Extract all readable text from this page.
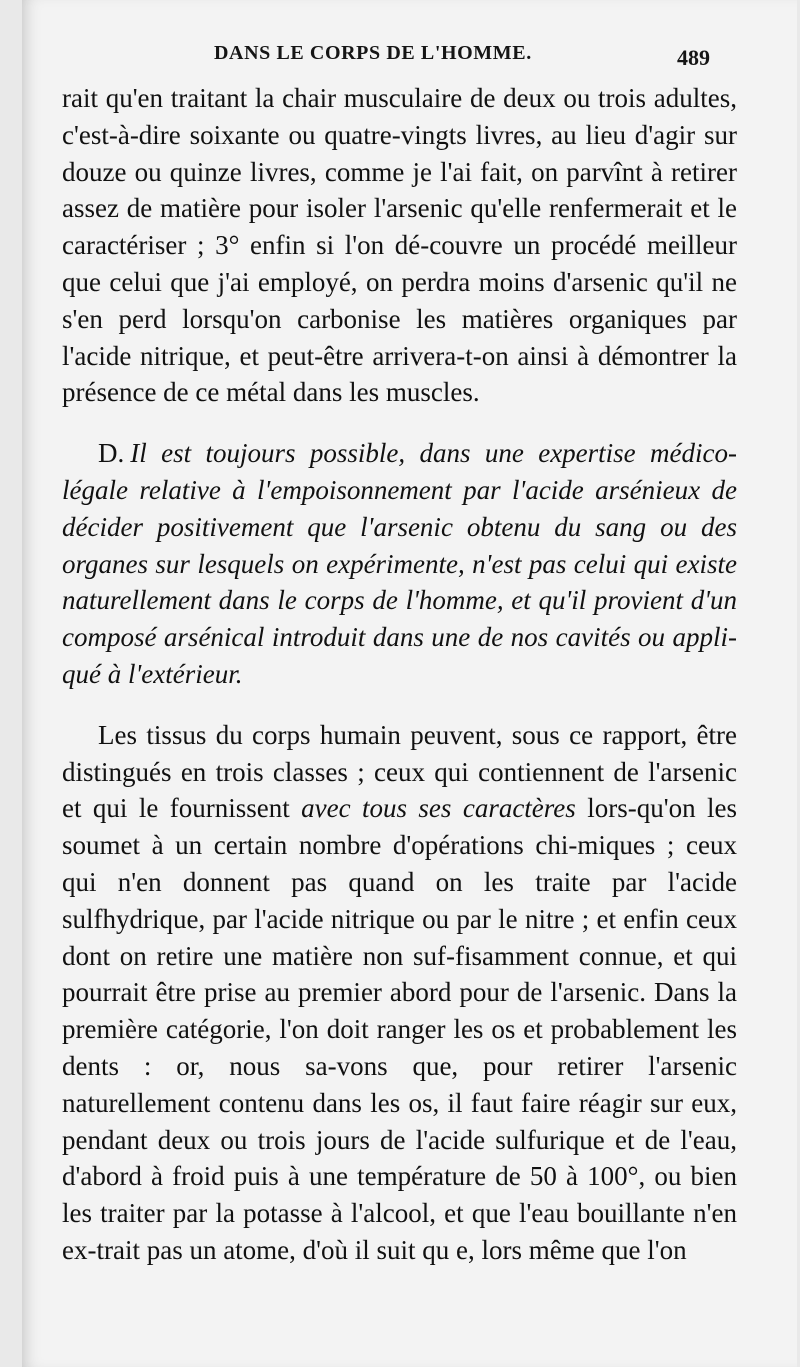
DANS LE CORPS DE L'HOMME.	489

rait qu'en traitant la chair musculaire de deux ou trois adultes, c'est-à-dire soixante ou quatre-vingts livres, au lieu d'agir sur douze ou quinze livres, comme je l'ai fait, on parvînt à retirer assez de matière pour isoler l'arsenic qu'elle renfermerait et le caractériser ; 3° enfin si l'on dé-couvre un procédé meilleur que celui que j'ai employé, on perdra moins d'arsenic qu'il ne s'en perd lorsqu'on carbonise les matières organiques par l'acide nitrique, et peut-être arrivera-t-on ainsi à démontrer la présence de ce métal dans les muscles.

D. Il est toujours possible, dans une expertise médico-légale relative à l'empoisonnement par l'acide arsénieux de décider positivement que l'arsenic obtenu du sang ou des organes sur lesquels on expérimente, n'est pas celui qui existe naturellement dans le corps de l'homme, et qu'il provient d'un composé arsénical introduit dans une de nos cavités ou appli-qué à l'extérieur.

Les tissus du corps humain peuvent, sous ce rapport, être distingués en trois classes ; ceux qui contiennent de l'arsenic et qui le fournissent avec tous ses caractères lors-qu'on les soumet à un certain nombre d'opérations chi-miques ; ceux qui n'en donnent pas quand on les traite par l'acide sulfhydrique, par l'acide nitrique ou par le nitre ; et enfin ceux dont on retire une matière non suf-fisamment connue, et qui pourrait être prise au premier abord pour de l'arsenic. Dans la première catégorie, l'on doit ranger les os et probablement les dents : or, nous sa-vons que, pour retirer l'arsenic naturellement contenu dans les os, il faut faire réagir sur eux, pendant deux ou trois jours de l'acide sulfurique et de l'eau, d'abord à froid puis à une température de 50 à 100°, ou bien les traiter par la potasse à l'alcool, et que l'eau bouillante n'en ex-trait pas un atome, d'où il suit qu e, lors même que l'on
